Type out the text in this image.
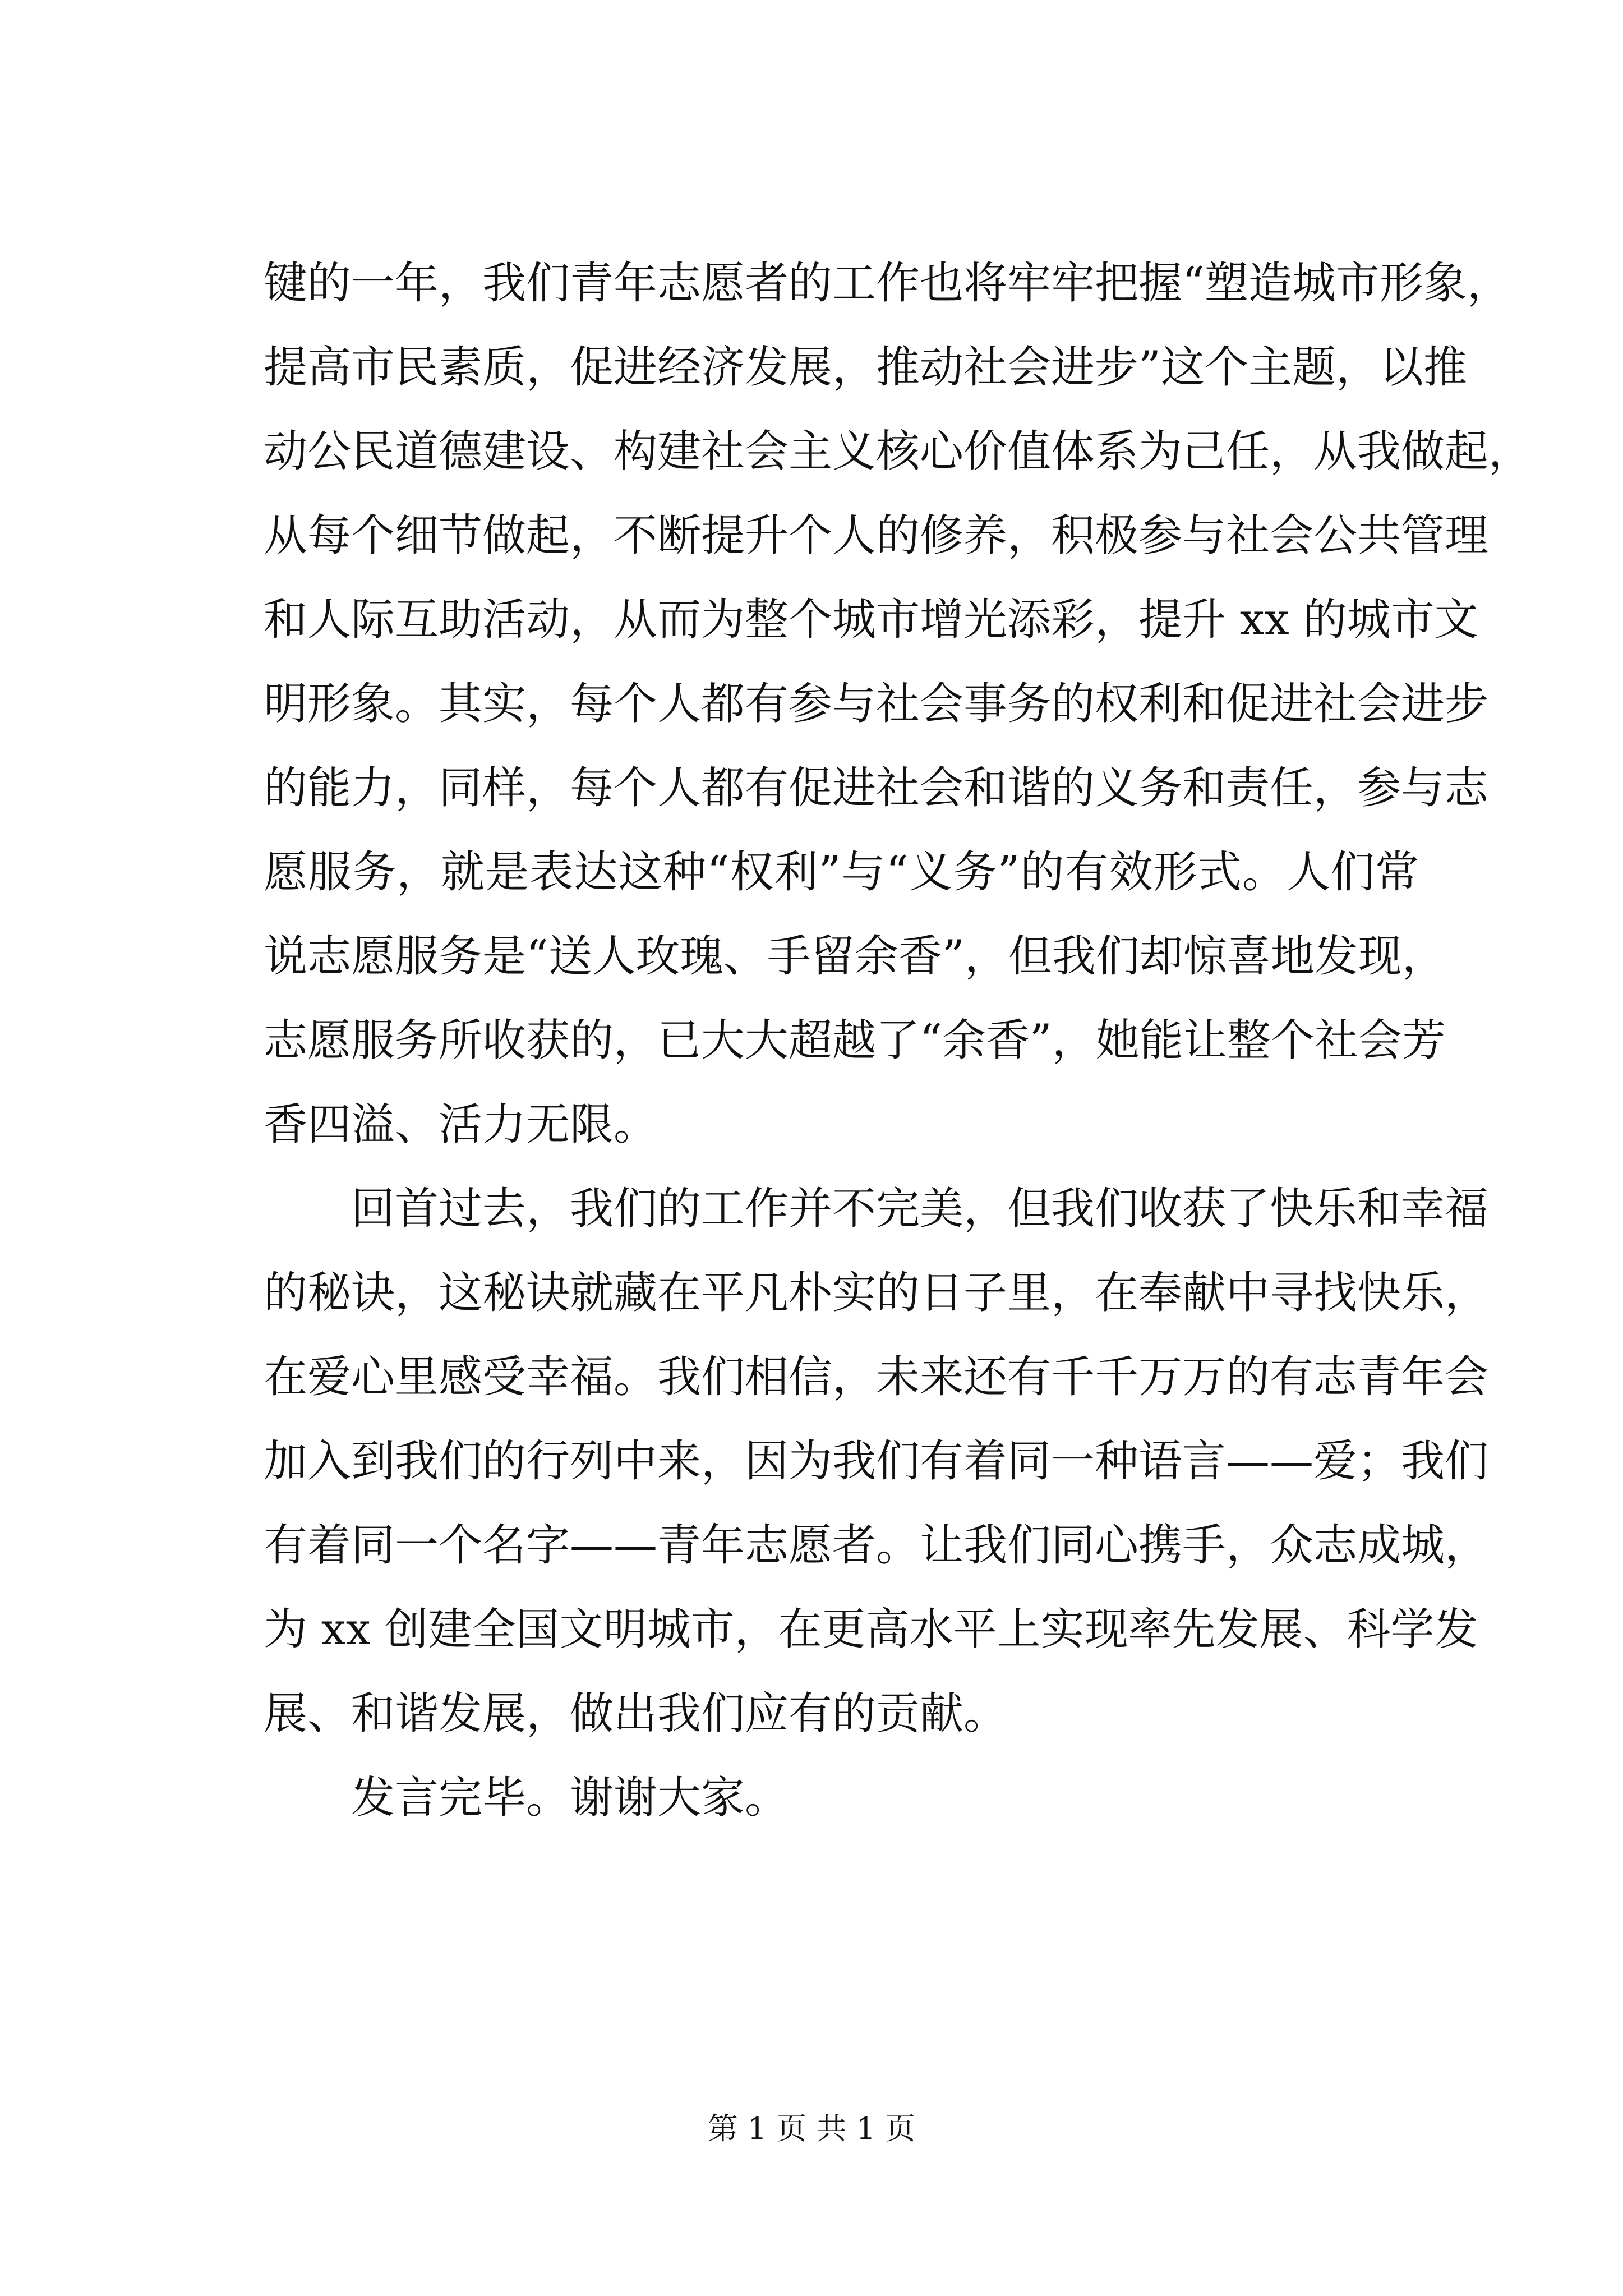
键的一年，我们青年志愿者的工作也将牢牢把握“塑造城市形象，
提高市民素质，促进经济发展，推动社会进步”这个主题，以推
动公民道德建设、构建社会主义核心价值体系为己任，从我做起，
从每个细节做起，不断提升个人的修养，积极参与社会公共管理
和人际互助活动，从而为整个城市增光添彩，提升 xx 的城市文
明形象。其实，每个人都有参与社会事务的权利和促进社会进步
的能力，同样，每个人都有促进社会和谐的义务和责任，参与志
愿服务，就是表达这种“权利”与“义务”的有效形式。人们常
说志愿服务是“送人玫瑰、手留余香”，但我们却惊喜地发现，
志愿服务所收获的，已大大超越了“余香”，她能让整个社会芳
香四溢、活力无限。
　　回首过去，我们的工作并不完美，但我们收获了快乐和幸福
的秘诀，这秘诀就藏在平凡朴实的日子里，在奉献中寻找快乐，
在爱心里感受幸福。我们相信，未来还有千千万万的有志青年会
加入到我们的行列中来，因为我们有着同一种语言——爱；我们
有着同一个名字——青年志愿者。让我们同心携手，众志成城，
为 xx 创建全国文明城市，在更高水平上实现率先发展、科学发
展、和谐发展，做出我们应有的贡献。
　　发言完毕。谢谢大家。
第 1 页 共 1 页
